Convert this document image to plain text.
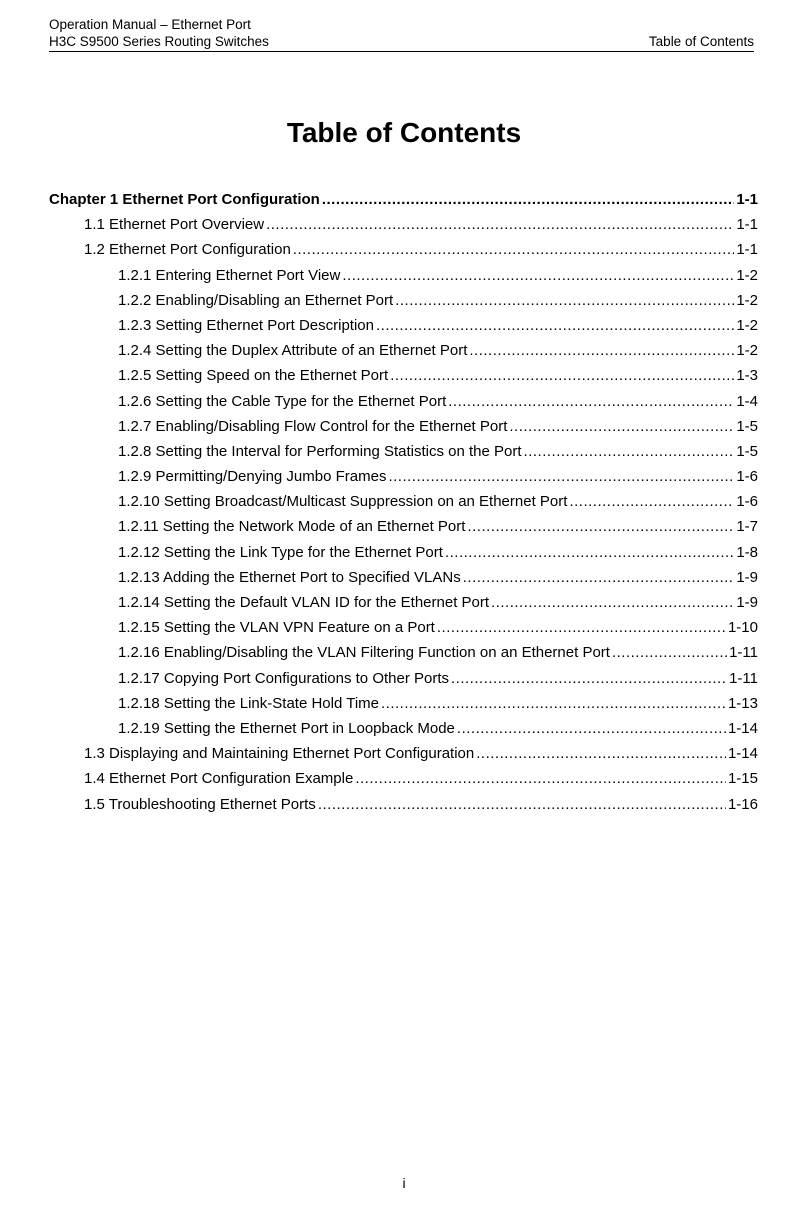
Operation Manual – Ethernet Port
H3C S9500 Series Routing Switches	Table of Contents
Table of Contents
Chapter 1 Ethernet Port Configuration .....	1-1
1.1 Ethernet Port Overview .....	1-1
1.2 Ethernet Port Configuration .....	1-1
1.2.1 Entering Ethernet Port View .....	1-2
1.2.2 Enabling/Disabling an Ethernet Port .....	1-2
1.2.3 Setting Ethernet Port Description .....	1-2
1.2.4 Setting the Duplex Attribute of an Ethernet Port .....	1-2
1.2.5 Setting Speed on the Ethernet Port .....	1-3
1.2.6 Setting the Cable Type for the Ethernet Port .....	1-4
1.2.7 Enabling/Disabling Flow Control for the Ethernet Port .....	1-5
1.2.8 Setting the Interval for Performing Statistics on the Port .....	1-5
1.2.9 Permitting/Denying Jumbo Frames .....	1-6
1.2.10 Setting Broadcast/Multicast Suppression on an Ethernet Port .....	1-6
1.2.11 Setting the Network Mode of an Ethernet Port .....	1-7
1.2.12 Setting the Link Type for the Ethernet Port .....	1-8
1.2.13 Adding the Ethernet Port to Specified VLANs .....	1-9
1.2.14 Setting the Default VLAN ID for the Ethernet Port .....	1-9
1.2.15 Setting the VLAN VPN Feature on a Port .....	1-10
1.2.16 Enabling/Disabling the VLAN Filtering Function on an Ethernet Port .....	1-11
1.2.17 Copying Port Configurations to Other Ports .....	1-11
1.2.18 Setting the Link-State Hold Time .....	1-13
1.2.19 Setting the Ethernet Port in Loopback Mode .....	1-14
1.3 Displaying and Maintaining Ethernet Port Configuration .....	1-14
1.4 Ethernet Port Configuration Example .....	1-15
1.5 Troubleshooting Ethernet Ports .....	1-16
i
